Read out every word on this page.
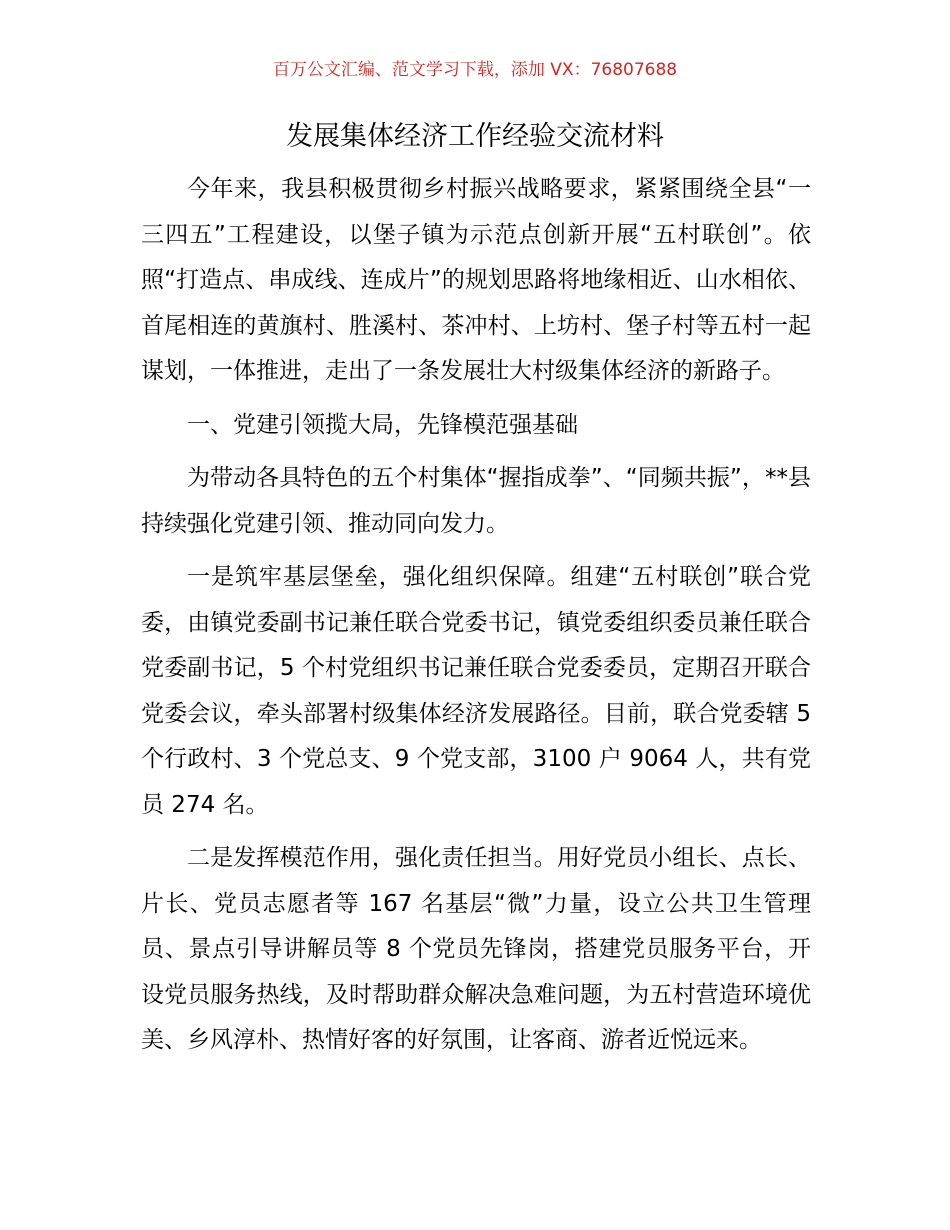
百万公文汇编、范文学习下载，添加 VX：76807688
发展集体经济工作经验交流材料

今年来，我县积极贯彻乡村振兴战略要求，紧紧围绕全县“一三四五”工程建设，以堡子镇为示范点创新开展“五村联创”。依照“打造点、串成线、连成片”的规划思路将地缘相近、山水相依、首尾相连的黄旗村、胜溪村、茶冲村、上坊村、堡子村等五村一起谋划，一体推进，走出了一条发展壮大村级集体经济的新路子。

一、党建引领揽大局，先锋模范强基础

为带动各具特色的五个村集体“握指成拳”、“同频共振”，**县持续强化党建引领、推动同向发力。

一是筑牢基层堡垒，强化组织保障。组建“五村联创”联合党委，由镇党委副书记兼任联合党委书记，镇党委组织委员兼任联合党委副书记，5 个村党组织书记兼任联合党委委员，定期召开联合党委会议，牵头部署村级集体经济发展路径。目前，联合党委辖 5 个行政村、3 个党总支、9 个党支部，3100 户 9064 人，共有党员 274 名。

二是发挥模范作用，强化责任担当。用好党员小组长、点长、片长、党员志愿者等 167 名基层“微”力量，设立公共卫生管理员、景点引导讲解员等 8 个党员先锋岗，搭建党员服务平台，开设党员服务热线，及时帮助群众解决急难问题，为五村营造环境优美、乡风淳朴、热情好客的好氛围，让客商、游者近悦远来。
